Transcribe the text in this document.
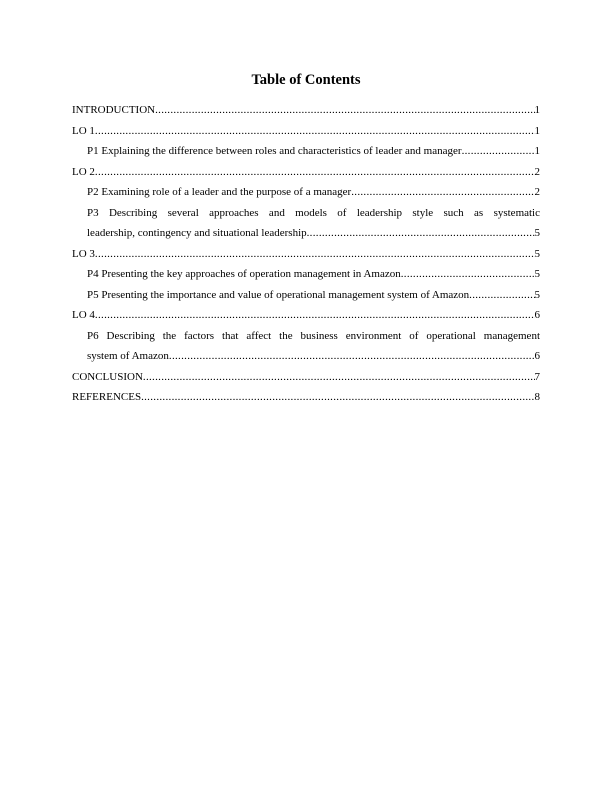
Table of Contents
INTRODUCTION .....	1
LO 1 .....	1
P1 Explaining the difference between roles and characteristics of leader and manager .....	1
LO 2 .....	2
P2 Examining role of a leader and the purpose of a manager .....	2
P3 Describing several approaches and models of leadership style such as systematic
leadership, contingency and situational leadership .....	5
LO 3 .....	5
P4 Presenting the key approaches of operation management in Amazon .....	5
P5 Presenting the importance and value of operational management system of Amazon .....	5
LO 4 .....	6
P6 Describing the factors that affect the business environment of operational management
system of Amazon .....	6
CONCLUSION .....	7
REFERENCES .....	8
